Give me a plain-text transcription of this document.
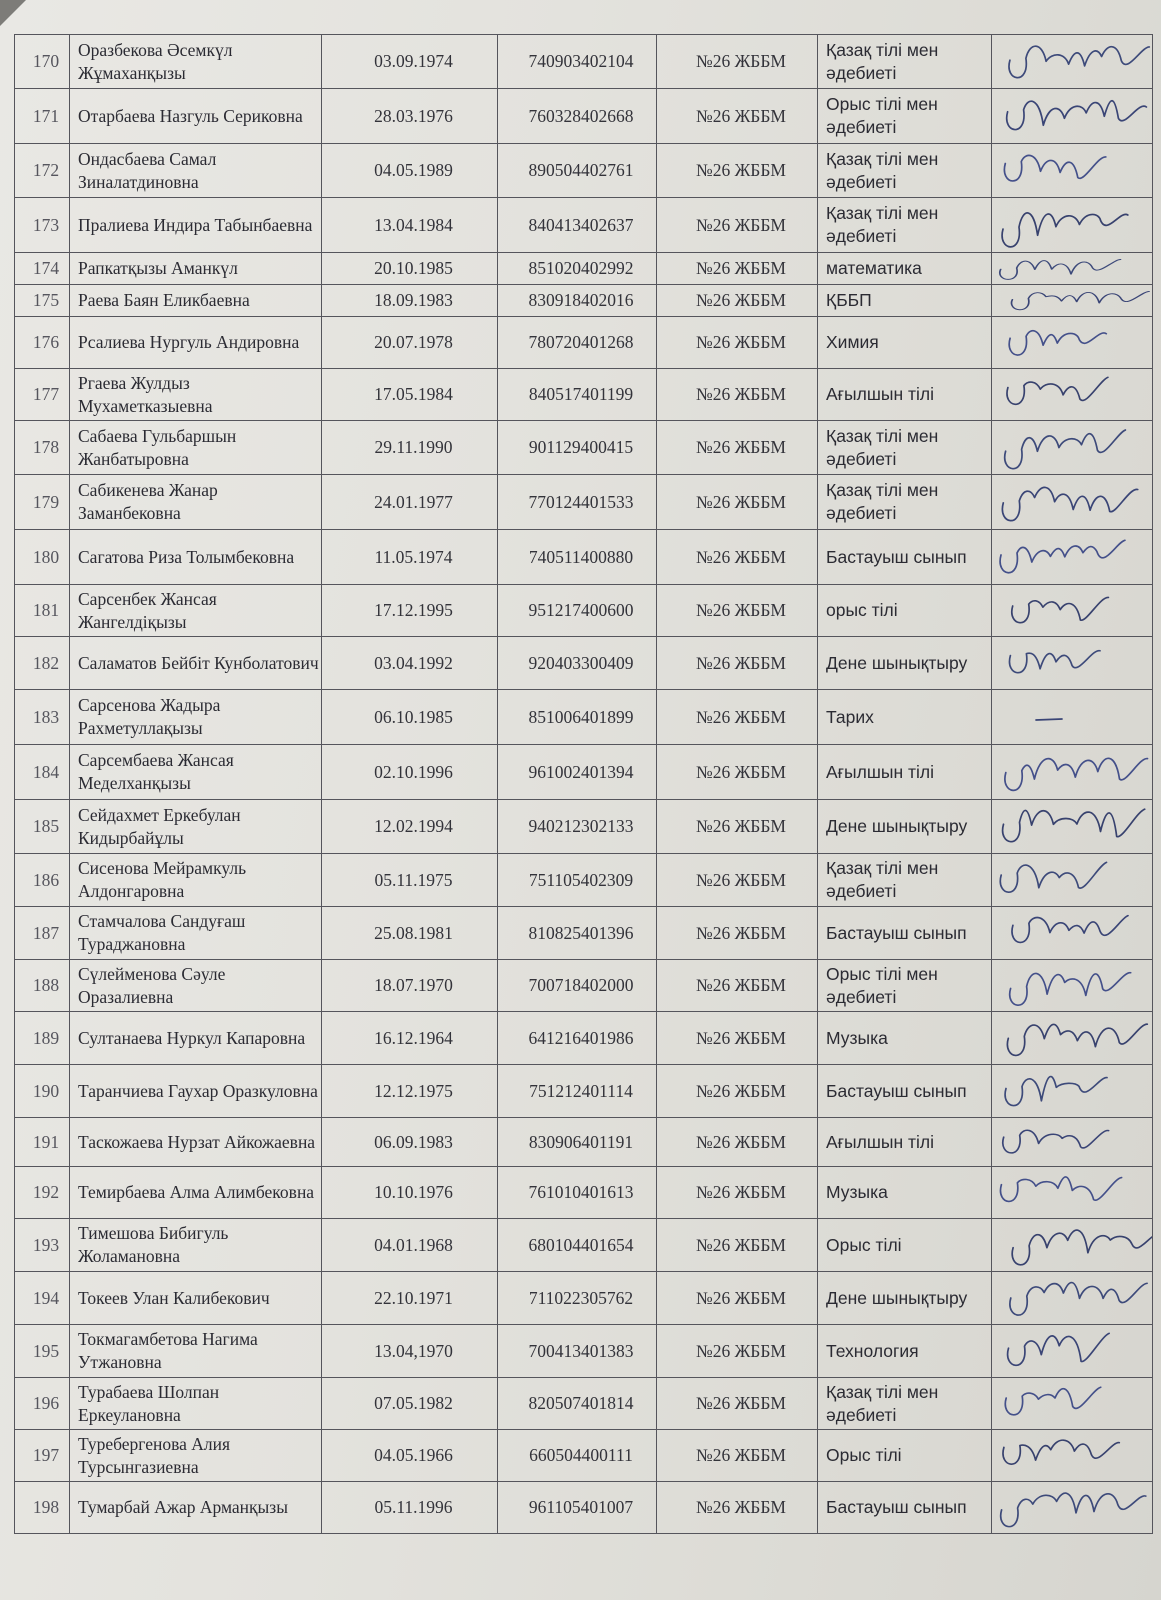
170	Оразбекова Әсемкүл Жұмаханқызы	03.09.1974	740903402104	№26 ЖББМ	Қазақ тілі мен әдебиеті	

171	Отарбаева Назгуль Сериковна	28.03.1976	760328402668	№26 ЖББМ	Орыс тілі мен әдебиеті	

172	Ондасбаева Самал Зиналатдиновна	04.05.1989	890504402761	№26 ЖББМ	Қазақ тілі мен әдебиеті	

173	Пралиева Индира Табынбаевна	13.04.1984	840413402637	№26 ЖББМ	Қазақ тілі мен әдебиеті	

174	Рапкатқызы Аманкүл	20.10.1985	851020402992	№26 ЖББМ	математика	

175	Раева Баян Еликбаевна	18.09.1983	830918402016	№26 ЖББМ	ҚББП	

176	Рсалиева Нургуль Андировна	20.07.1978	780720401268	№26 ЖББМ	Химия	

177	Ргаева Жулдыз Мухаметказыевна	17.05.1984	840517401199	№26 ЖББМ	Ағылшын тілі	

178	Сабаева Гульбаршын Жанбатыровна	29.11.1990	901129400415	№26 ЖББМ	Қазақ тілі мен әдебиеті	

179	Сабикенева Жанар Заманбековна	24.01.1977	770124401533	№26 ЖББМ	Қазақ тілі мен әдебиеті	

180	Сагатова Риза Толымбековна	11.05.1974	740511400880	№26 ЖББМ	Бастауыш сынып	

181	Сарсенбек Жансая Жангелдіқызы	17.12.1995	951217400600	№26 ЖББМ	орыс тілі	

182	Саламатов Бейбіт Кунболатович	03.04.1992	920403300409	№26 ЖББМ	Дене шынықтыру	

183	Сарсенова Жадыра Рахметуллақызы	06.10.1985	851006401899	№26 ЖББМ	Тарих	

184	Сарсембаева Жансая Меделханқызы	02.10.1996	961002401394	№26 ЖББМ	Ағылшын тілі	

185	Сейдахмет Еркебулан Кидырбайұлы	12.02.1994	940212302133	№26 ЖББМ	Дене шынықтыру	

186	Сисенова Мейрамкуль Алдонгаровна	05.11.1975	751105402309	№26 ЖББМ	Қазақ тілі мен әдебиеті	

187	Стамчалова Сандуғаш Тураджановна	25.08.1981	810825401396	№26 ЖББМ	Бастауыш сынып	

188	Сүлейменова Сәуле Оразалиевна	18.07.1970	700718402000	№26 ЖББМ	Орыс тілі мен әдебиеті	

189	Султанаева Нуркул Капаровна	16.12.1964	641216401986	№26 ЖББМ	Музыка	

190	Таранчиева Гаухар Оразкуловна	12.12.1975	751212401114	№26 ЖББМ	Бастауыш сынып	

191	Таскожаева Нурзат Айкожаевна	06.09.1983	830906401191	№26 ЖББМ	Ағылшын тілі	

192	Темирбаева Алма Алимбековна	10.10.1976	761010401613	№26 ЖББМ	Музыка	

193	Тимешова Бибигуль Жоламановна	04.01.1968	680104401654	№26 ЖББМ	Орыс тілі	

194	Токеев Улан Калибекович	22.10.1971	711022305762	№26 ЖББМ	Дене шынықтыру	

195	Токмагамбетова Нагима Утжановна	13.04,1970	700413401383	№26 ЖББМ	Технология	

196	Турабаева Шолпан Еркеулановна	07.05.1982	820507401814	№26 ЖББМ	Қазақ тілі мен әдебиеті	

197	Туребергенова Алия Турсынгазиевна	04.05.1966	660504400111	№26 ЖББМ	Орыс тілі	

198	Тумарбай Ажар Арманқызы	05.11.1996	961105401007	№26 ЖББМ	Бастауыш сынып	
